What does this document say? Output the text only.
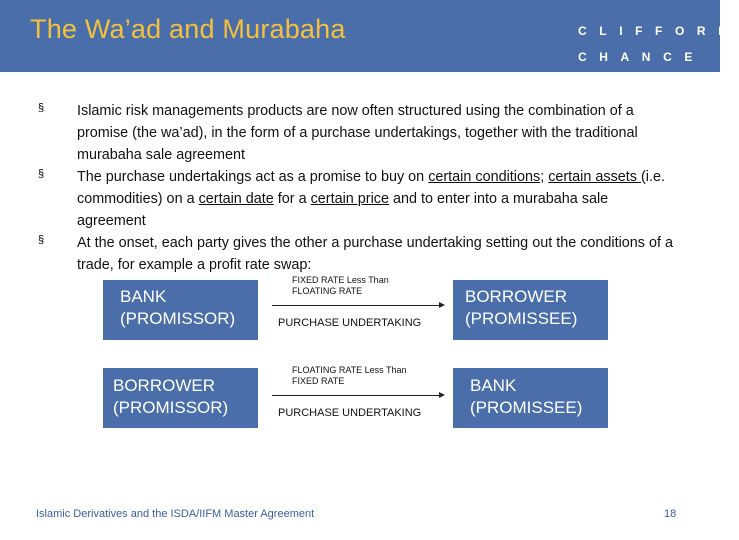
The Wa’ad and Murabaha	CLIFFORD
CHANCE
§ Islamic risk managements products are now often structured using the combination of a promise (the wa’ad), in the form of a purchase undertakings, together with the traditional murabaha sale agreement
§ The purchase undertakings act as a promise to buy on certain conditions; certain assets (i.e. commodities) on a certain date for a certain price and to enter into a murabaha sale agreement
§ At the onset, each party gives the other a purchase undertaking setting out the conditions of a trade, for example a profit rate swap:
BANK
(PROMISSOR)
FIXED RATE Less Than FLOATING RATE
PURCHASE UNDERTAKING
BORROWER
(PROMISSEE)
BORROWER
(PROMISSOR)
FLOATING RATE Less Than FIXED RATE
PURCHASE UNDERTAKING
BANK
(PROMISSEE)
Islamic Derivatives and the ISDA/IIFM Master Agreement	18
